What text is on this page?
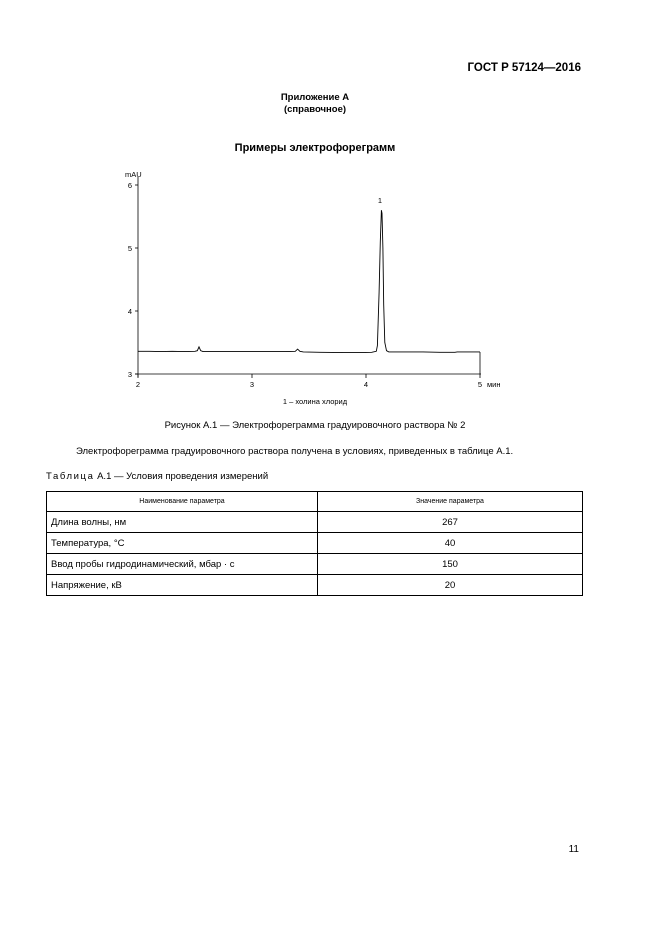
ГОСТ Р 57124—2016
Приложение А
(справочное)
Примеры электрофореграмм
3
4
5
6
2	3	4	5
mAU
мин
1
1 – холина хлорид
Рисунок А.1 — Электрофореграмма градуировочного раствора № 2
Электрофореграмма градуировочного раствора получена в условиях, приведенных в таблице А.1.
Таблица А.1 — Условия проведения измерений
Наименование параметра	Значение параметра
Длина волны, нм	267
Температура, °С	40
Ввод пробы гидродинамический, мбар · с	150
Напряжение, кВ	20
11
